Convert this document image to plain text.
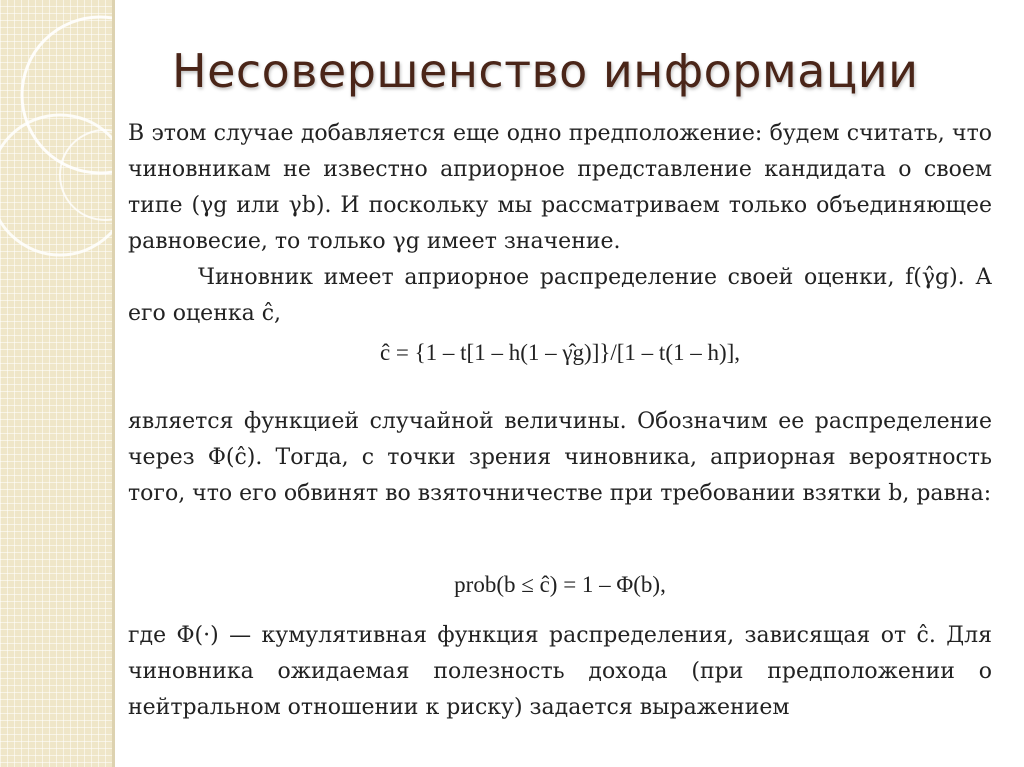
Несовершенство информации
В этом случае добавляется еще одно предположение: будем считать, что чиновникам не известно априорное представление кандидата о своем типе (γg или γb). И поскольку мы рассматриваем только объединяющее равновесие, то только γg имеет значение.
Чиновник имеет априорное распределение своей оценки, f(γ̂g). А его оценка ĉ,
ĉ = {1 – t[1 – h(1 – γ̂g)]}/[1 – t(1 – h)],
является функцией случайной величины. Обозначим ее распределение через Φ(ĉ). Тогда, с точки зрения чиновника, априорная вероятность того, что его обвинят во взяточничестве при требовании взятки b, равна:
prob(b ≤ ĉ) = 1 – Φ(b),
где Φ(·) — кумулятивная функция распределения, зависящая от ĉ. Для чиновника ожидаемая полезность дохода (при предположении о нейтральном отношении к риску) задается выражением
